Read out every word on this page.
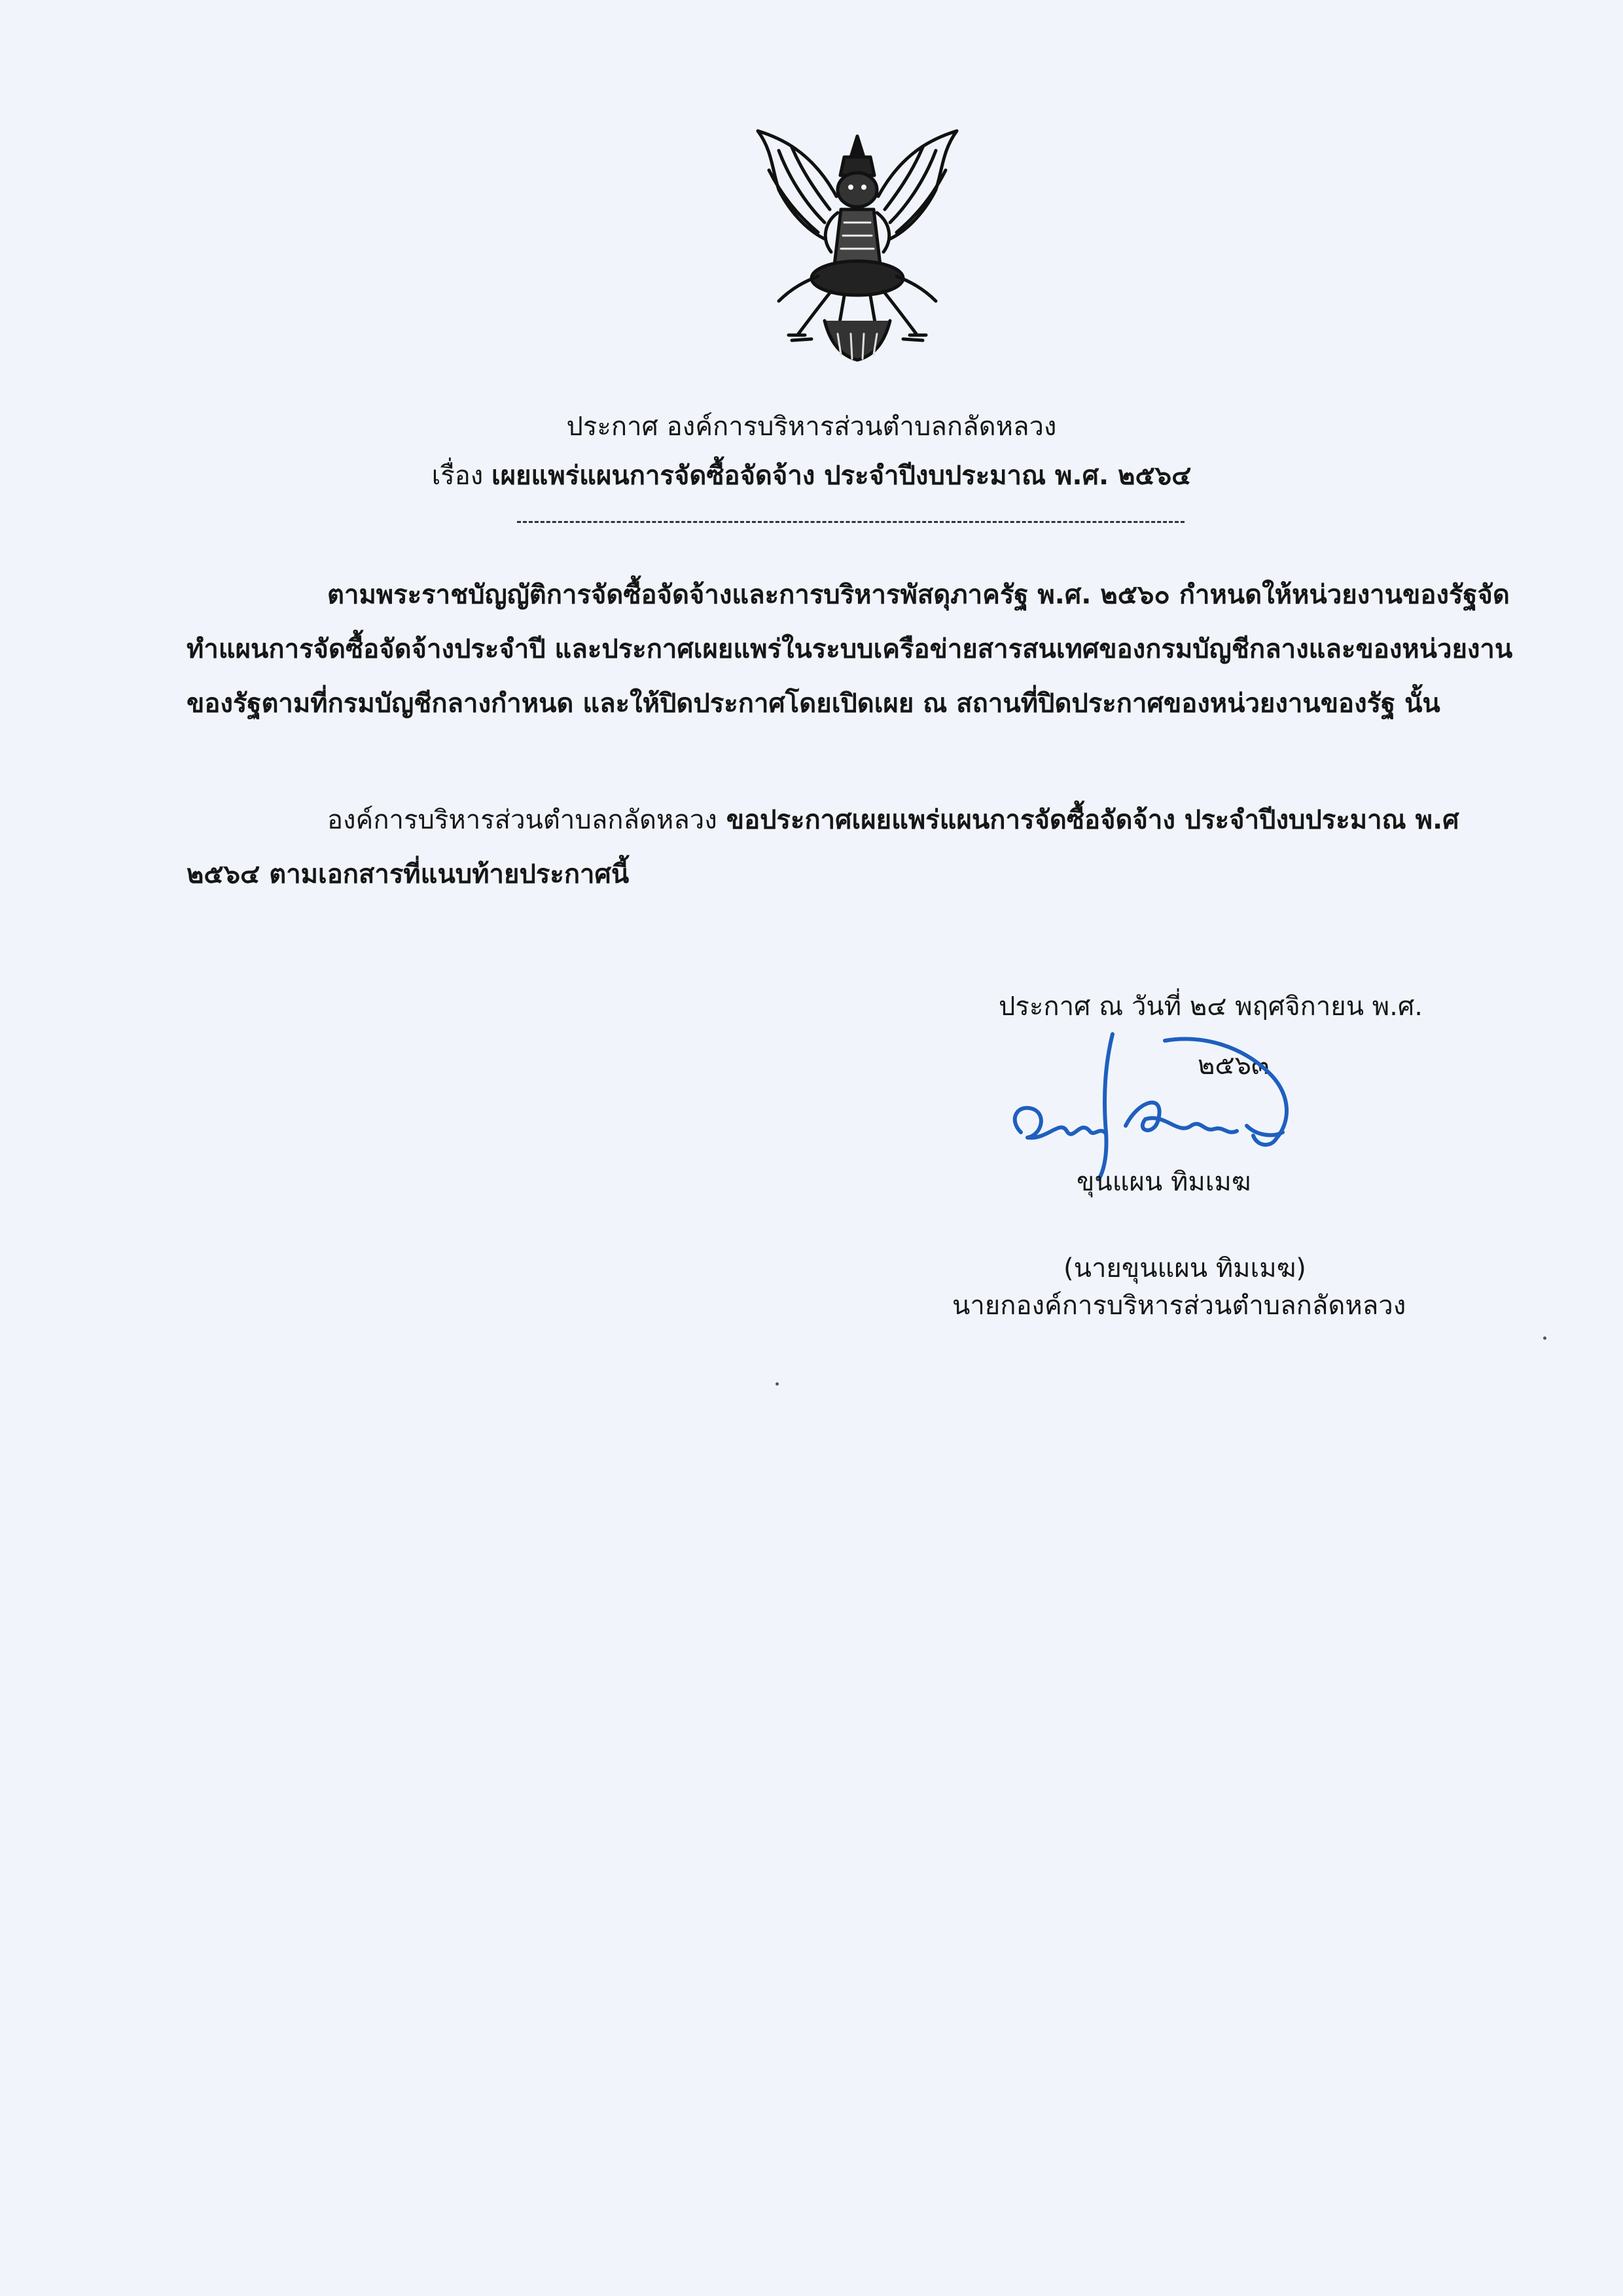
ประกาศ องค์การบริหารส่วนตำบลกลัดหลวง
เรื่อง เผยแพร่แผนการจัดซื้อจัดจ้าง ประจำปีงบประมาณ พ.ศ. ๒๕๖๔
ตามพระราชบัญญัติการจัดซื้อจัดจ้างและการบริหารพัสดุภาครัฐ พ.ศ. ๒๕๖๐ กำหนดให้หน่วยงานของรัฐจัดทำแผนการจัดซื้อจัดจ้างประจำปี และประกาศเผยแพร่ในระบบเครือข่ายสารสนเทศของกรมบัญชีกลางและของหน่วยงานของรัฐตามที่กรมบัญชีกลางกำหนด และให้ปิดประกาศโดยเปิดเผย ณ สถานที่ปิดประกาศของหน่วยงานของรัฐ นั้น
องค์การบริหารส่วนตำบลกลัดหลวง ขอประกาศเผยแพร่แผนการจัดซื้อจัดจ้าง ประจำปีงบประมาณ พ.ศ ๒๕๖๔ ตามเอกสารที่แนบท้ายประกาศนี้
ประกาศ ณ วันที่ ๒๔ พฤศจิกายน พ.ศ.
๒๕๖๓
ขุนแผน ทิมเมฆ
(นายขุนแผน ทิมเมฆ)
นายกองค์การบริหารส่วนตำบลกลัดหลวง
